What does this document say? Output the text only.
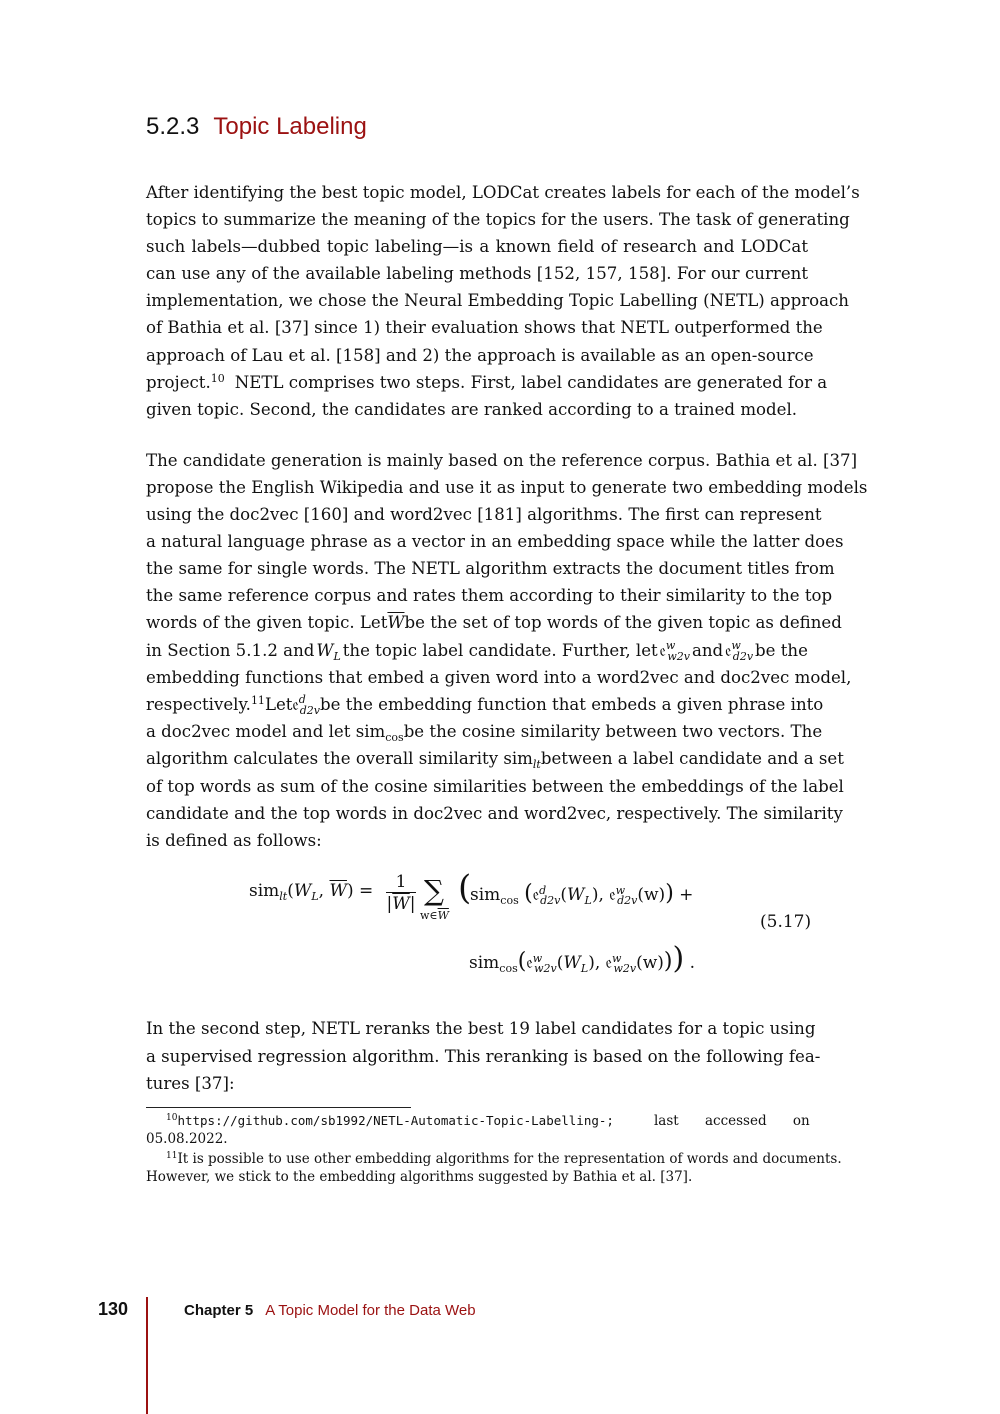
5.2.3 Topic Labeling
After identifying the best topic model, LODCat creates labels for each of the model’s
topics to summarize the meaning of the topics for the users. The task of generating
such labels—dubbed topic labeling—is a known field of research and LODCat
can use any of the available labeling methods [152, 157, 158]. For our current
implementation, we chose the Neural Embedding Topic Labelling (NETL) approach
of Bathia et al. [37] since 1) their evaluation shows that NETL outperformed the
approach of Lau et al. [158] and 2) the approach is available as an open-source
project.$^{10}$ NETL comprises two steps. First, label candidates are generated for a
given topic. Second, the candidates are ranked according to a trained model.
The candidate generation is mainly based on the reference corpus. Bathia et al. [37]
propose the English Wikipedia and use it as input to generate two embedding models
using the doc2vec [160] and word2vec [181] algorithms. The first can represent
a natural language phrase as a vector in an embedding space while the latter does
the same for single words. The NETL algorithm extracts the document titles from
the same reference corpus and rates them according to their similarity to the top
words of the given topic. Let $\overline{W}$ be the set of top words of the given topic as defined
in Section 5.1.2 and $W_L$ the topic label candidate. Further, let 𝔢$^w_{w2v}$ and 𝔢$^w_{d2v}$ be the
embedding functions that embed a given word into a word2vec and doc2vec model,
respectively.$^{11}$ Let 𝔢$^d_{d2v}$ be the embedding function that embeds a given phrase into
a doc2vec model and let sim$_{cos}$ be the cosine similarity between two vectors. The
algorithm calculates the overall similarity sim$_{lt}$ between a label candidate and a set
of top words as sum of the cosine similarities between the embeddings of the label
candidate and the top words in doc2vec and word2vec, respectively. The similarity
is defined as follows:
$sim_{lt}(W_L$, $\overline{W}$) =	1
$|\overline{W}|$ ∑
$w\in\overline{W}$
(
sim$_{cos}$ ($𝔢^d_{d2v}(W_L)$, 𝔢$^w_{d2v}$(w)) +
$sim_{cos}(𝔢^w_{w2v}(W_L)$, 𝔢$^w_{w2v}$(w))) .
(5.17)
In the second step, NETL reranks the best 19 label candidates for a topic using
a supervised regression algorithm. This reranking is based on the following fea-
tures [37]:
$^{10}$https://github.com/sb1992/NETL-Automatic-Topic-Labelling-;	last accessed on
05.08.2022.
$^{11}$It is possible to use other embedding algorithms for the representation of words and documents.
However, we stick to the embedding algorithms suggested by Bathia et al. [37].
130	Chapter 5 A Topic Model for the Data Web
